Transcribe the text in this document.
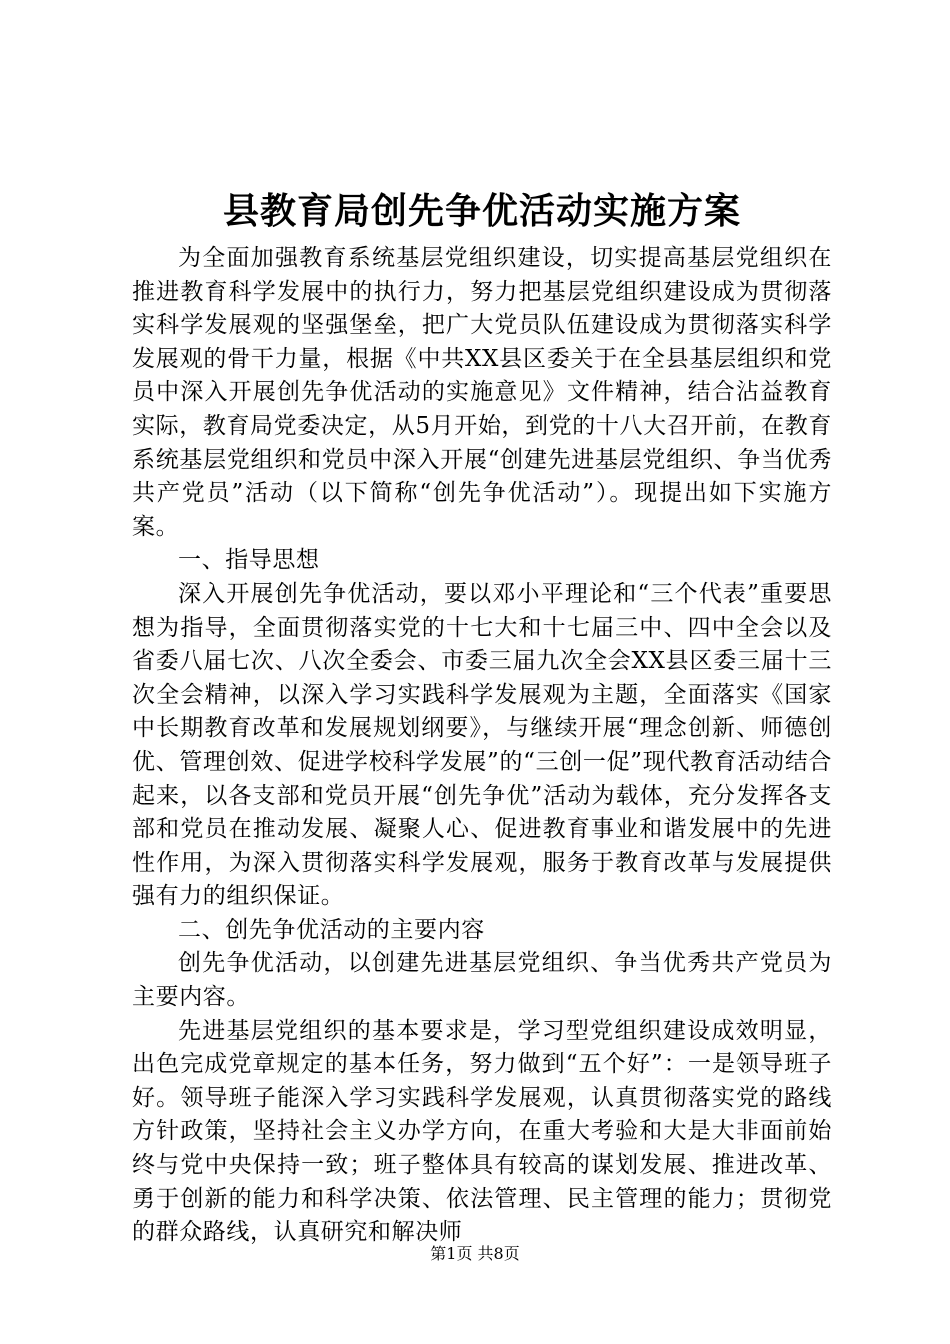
县教育局创先争优活动实施方案

为全面加强教育系统基层党组织建设，切实提高基层党组织在推进教育科学发展中的执行力，努力把基层党组织建设成为贯彻落实科学发展观的坚强堡垒，把广大党员队伍建设成为贯彻落实科学发展观的骨干力量，根据《中共XX县区委关于在全县基层组织和党员中深入开展创先争优活动的实施意见》文件精神，结合沾益教育实际，教育局党委决定，从5月开始，到党的十八大召开前，在教育系统基层党组织和党员中深入开展“创建先进基层党组织、争当优秀共产党员”活动（以下简称“创先争优活动”）。现提出如下实施方案。

一、指导思想

深入开展创先争优活动，要以邓小平理论和“三个代表”重要思想为指导，全面贯彻落实党的十七大和十七届三中、四中全会以及省委八届七次、八次全委会、市委三届九次全会XX县区委三届十三次全会精神，以深入学习实践科学发展观为主题，全面落实《国家中长期教育改革和发展规划纲要》，与继续开展“理念创新、师德创优、管理创效、促进学校科学发展”的“三创一促”现代教育活动结合起来，以各支部和党员开展“创先争优”活动为载体，充分发挥各支部和党员在推动发展、凝聚人心、促进教育事业和谐发展中的先进性作用，为深入贯彻落实科学发展观，服务于教育改革与发展提供强有力的组织保证。

二、创先争优活动的主要内容

创先争优活动，以创建先进基层党组织、争当优秀共产党员为主要内容。

先进基层党组织的基本要求是，学习型党组织建设成效明显，出色完成党章规定的基本任务，努力做到“五个好”：一是领导班子好。领导班子能深入学习实践科学发展观，认真贯彻落实党的路线方针政策，坚持社会主义办学方向，在重大考验和大是大非面前始终与党中央保持一致；班子整体具有较高的谋划发展、推进改革、勇于创新的能力和科学决策、依法管理、民主管理的能力；贯彻党的群众路线，认真研究和解决师

第1页 共8页
